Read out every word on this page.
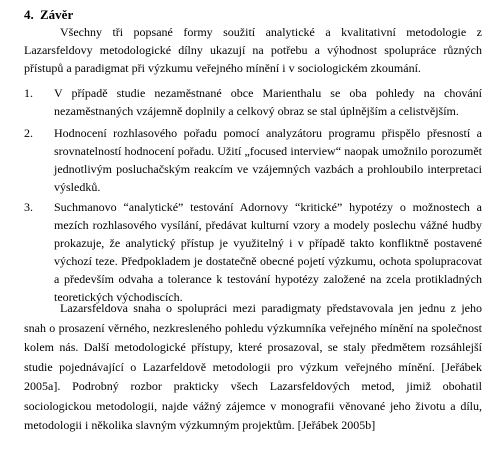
4. Závěr
Všechny tři popsané formy soužití analytické a kvalitativní metodologie z Lazarsfeldovy metodologické dílny ukazují na potřebu a výhodnost spolupráce různých přístupů a paradigmat při výzkumu veřejného mínění i v sociologickém zkoumání.
1.	V případě studie nezaměstnané obce Marienthalu se oba pohledy na chování nezaměstnaných vzájemně doplnily a celkový obraz se stal úplnějším a celistvějším.
2.	Hodnocení rozhlasového pořadu pomocí analyzátoru programu přispělo přesností a srovnatelností hodnocení pořadu. Užití „focused interview“ naopak umožnilo porozumět jednotlivým posluchačským reakcím ve vzájemných vazbách a prohloubilo interpretaci výsledků.
3.	Suchmanovo “analytické” testování Adornovy “kritické” hypotézy o možnostech a mezích rozhlasového vysílání, předávat kulturní vzory a modely poslechu vážné hudby prokazuje, že analytický přístup je využitelný i v případě takto konfliktně postavené výchozí teze. Předpokladem je dostatečně obecné pojetí výzkumu, ochota spolupracovat a především odvaha a tolerance k testování hypotézy založené na zcela protikladných teoretických východiscích.
Lazarsfeldova snaha o spolupráci mezi paradigmaty představovala jen jednu z jeho snah o prosazení věrného, nezkresleného pohledu výzkumníka veřejného mínění na společnost kolem nás. Další metodologické přístupy, které prosazoval, se staly předmětem rozsáhlejší studie pojednávající o Lazarfeldově metodologii pro výzkum veřejného mínění. [Jeřábek 2005a]. Podrobný rozbor prakticky všech Lazarsfeldových metod, jimiž obohatil sociologickou metodologii, najde vážný zájemce v monografii věnované jeho životu a dílu, metodologii i několika slavným výzkumným projektům. [Jeřábek 2005b]
